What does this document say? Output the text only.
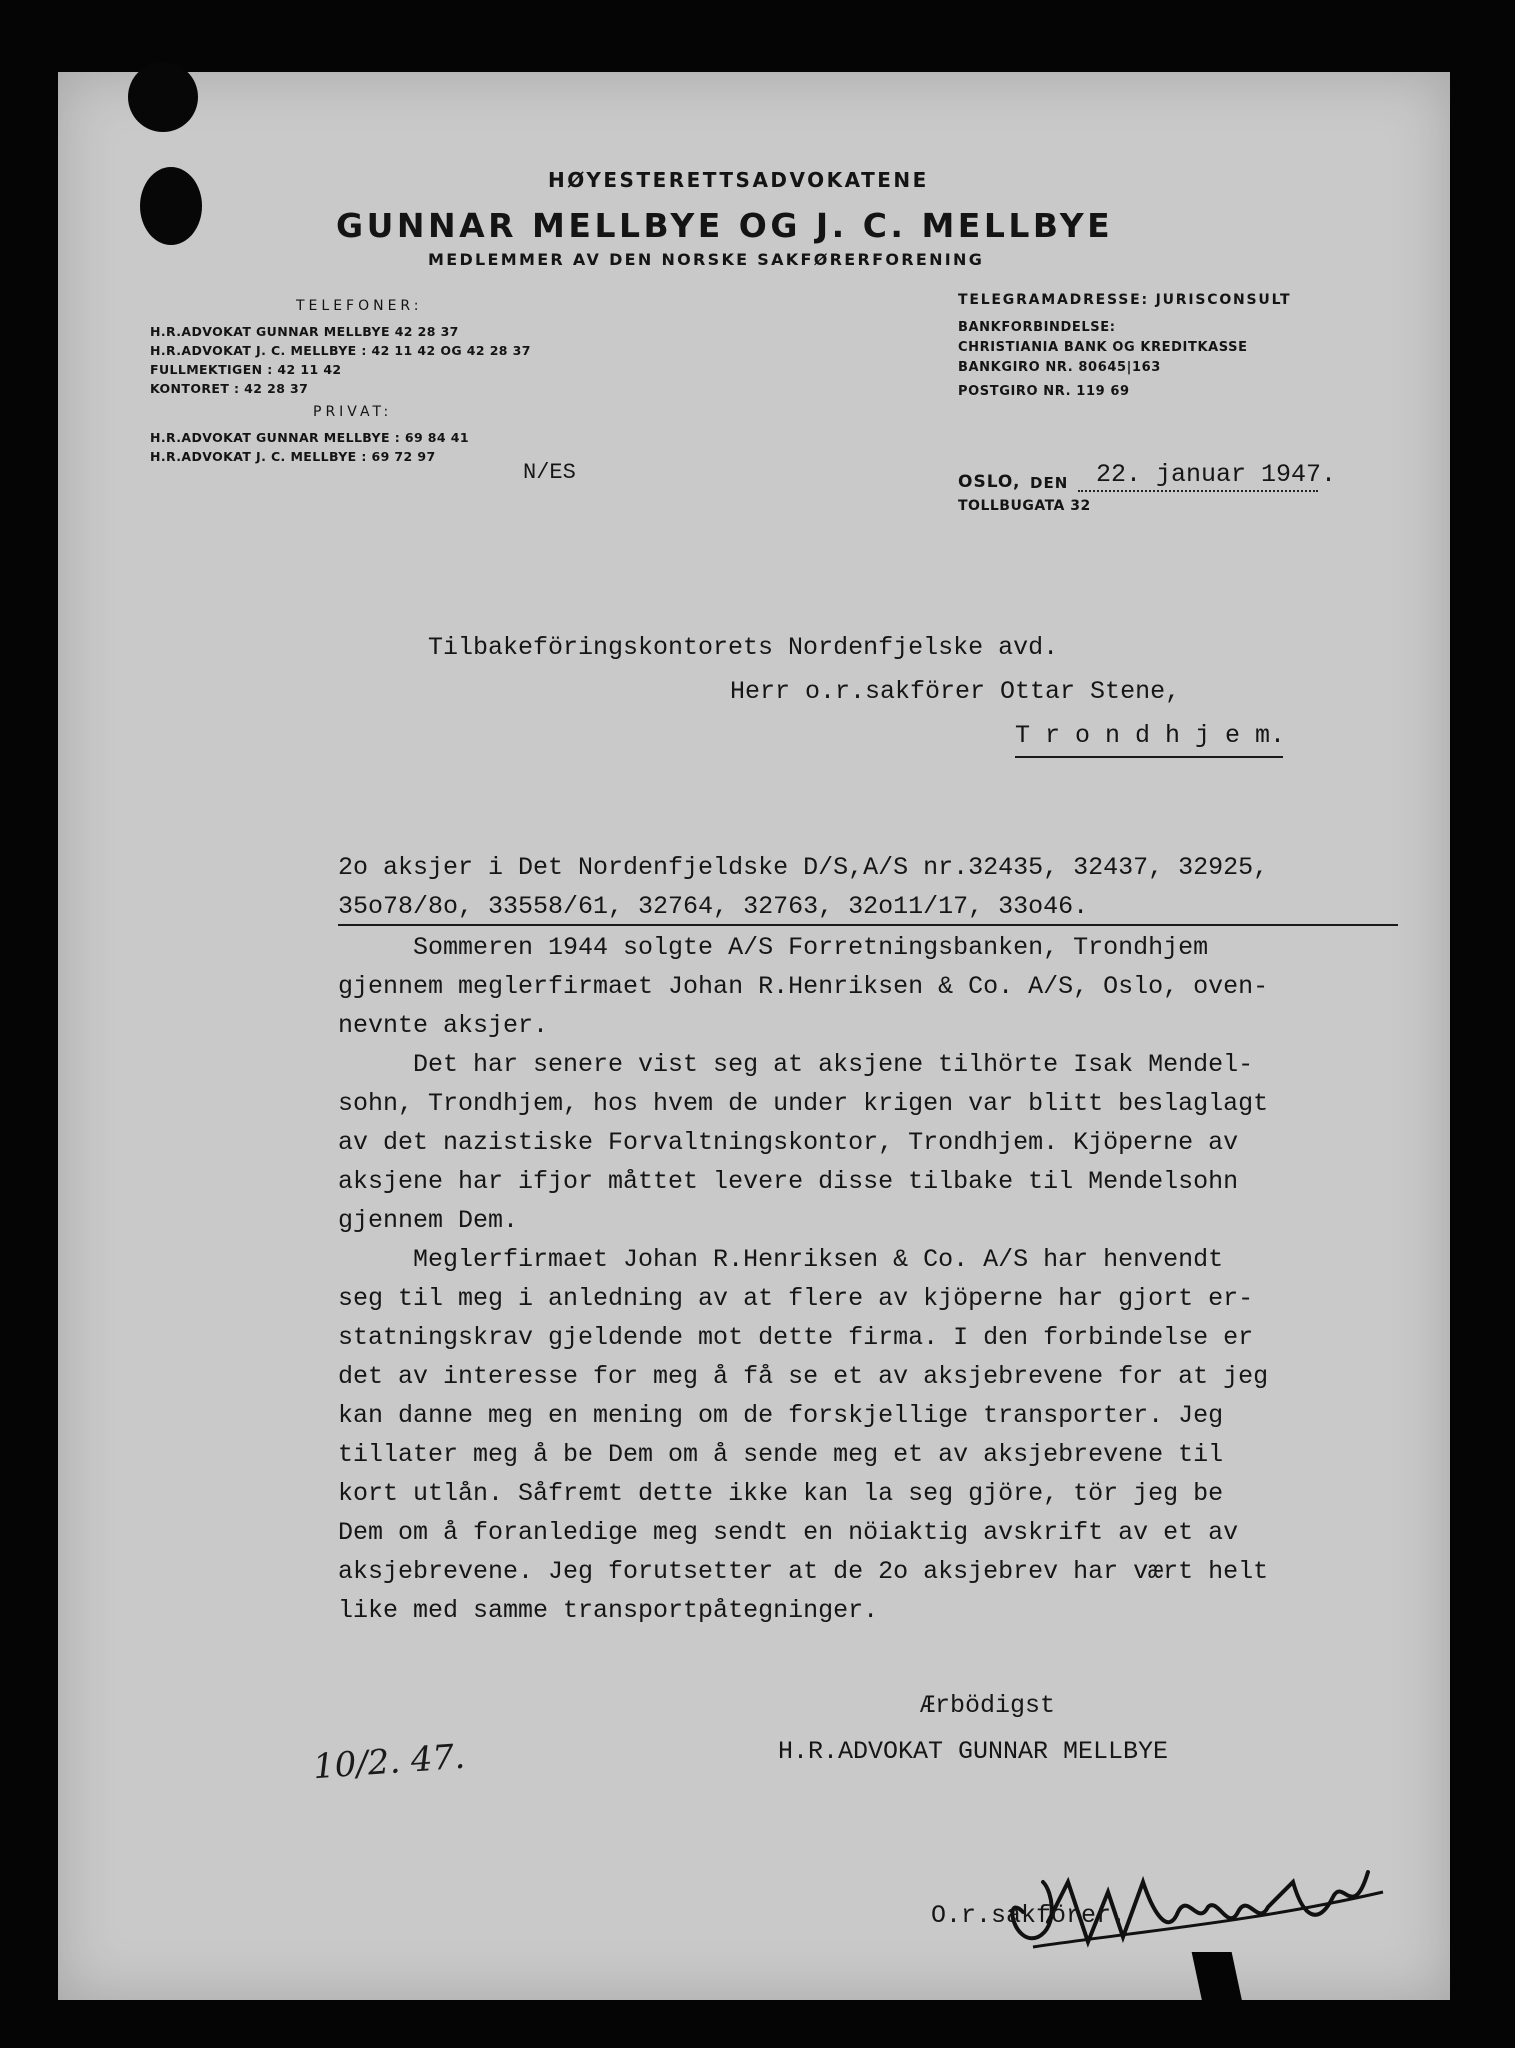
HØYESTERETTSADVOKATENE
GUNNAR MELLBYE OG J. C. MELLBYE
MEDLEMMER AV DEN NORSKE SAKFØRERFORENING
TELEFONER:
H.R.ADVOKAT GUNNAR MELLBYE 42 28 37
H.R.ADVOKAT J. C. MELLBYE : 42 11 42 OG 42 28 37
FULLMEKTIGEN : 42 11 42
KONTORET : 42 28 37
PRIVAT:
H.R.ADVOKAT GUNNAR MELLBYE : 69 84 41
H.R.ADVOKAT J. C. MELLBYE : 69 72 97
TELEGRAMADRESSE: JURISCONSULT
BANKFORBINDELSE:
CHRISTIANIA BANK OG KREDITKASSE
BANKGIRO NR. 80645|163
POSTGIRO NR. 119 69
N/ES	OSLO, DEN 22. januar 1947.
TOLLBUGATA 32
Tilbakeföringskontorets Nordenfjelske avd.
Herr o.r.sakförer Ottar Stene,
T r o n d h j e m.
2o aksjer i Det Nordenfjeldske D/S,A/S nr.32435, 32437, 32925,
35o78/8o, 33558/61, 32764, 32763, 32o11/17, 33o46.
Sommeren 1944 solgte A/S Forretningsbanken, Trondhjem
gjennem meglerfirmaet Johan R.Henriksen & Co. A/S, Oslo, oven-
nevnte aksjer.
Det har senere vist seg at aksjene tilhörte Isak Mendel-
sohn, Trondhjem, hos hvem de under krigen var blitt beslaglagt
av det nazistiske Forvaltningskontor, Trondhjem. Kjöperne av
aksjene har ifjor måttet levere disse tilbake til Mendelsohn
gjennem Dem.
Meglerfirmaet Johan R.Henriksen & Co. A/S har henvendt
seg til meg i anledning av at flere av kjöperne har gjort er-
statningskrav gjeldende mot dette firma. I den forbindelse er
det av interesse for meg å få se et av aksjebrevene for at jeg
kan danne meg en mening om de forskjellige transporter. Jeg
tillater meg å be Dem om å sende meg et av aksjebrevene til
kort utlån. Såfremt dette ikke kan la seg gjöre, tör jeg be
Dem om å foranledige meg sendt en nöiaktig avskrift av et av
aksjebrevene. Jeg forutsetter at de 2o aksjebrev har vært helt
like med samme transportpåtegninger.
Ærbödigst
H.R.ADVOKAT GUNNAR MELLBYE
O.r.sakförer.
10/2. 47.
